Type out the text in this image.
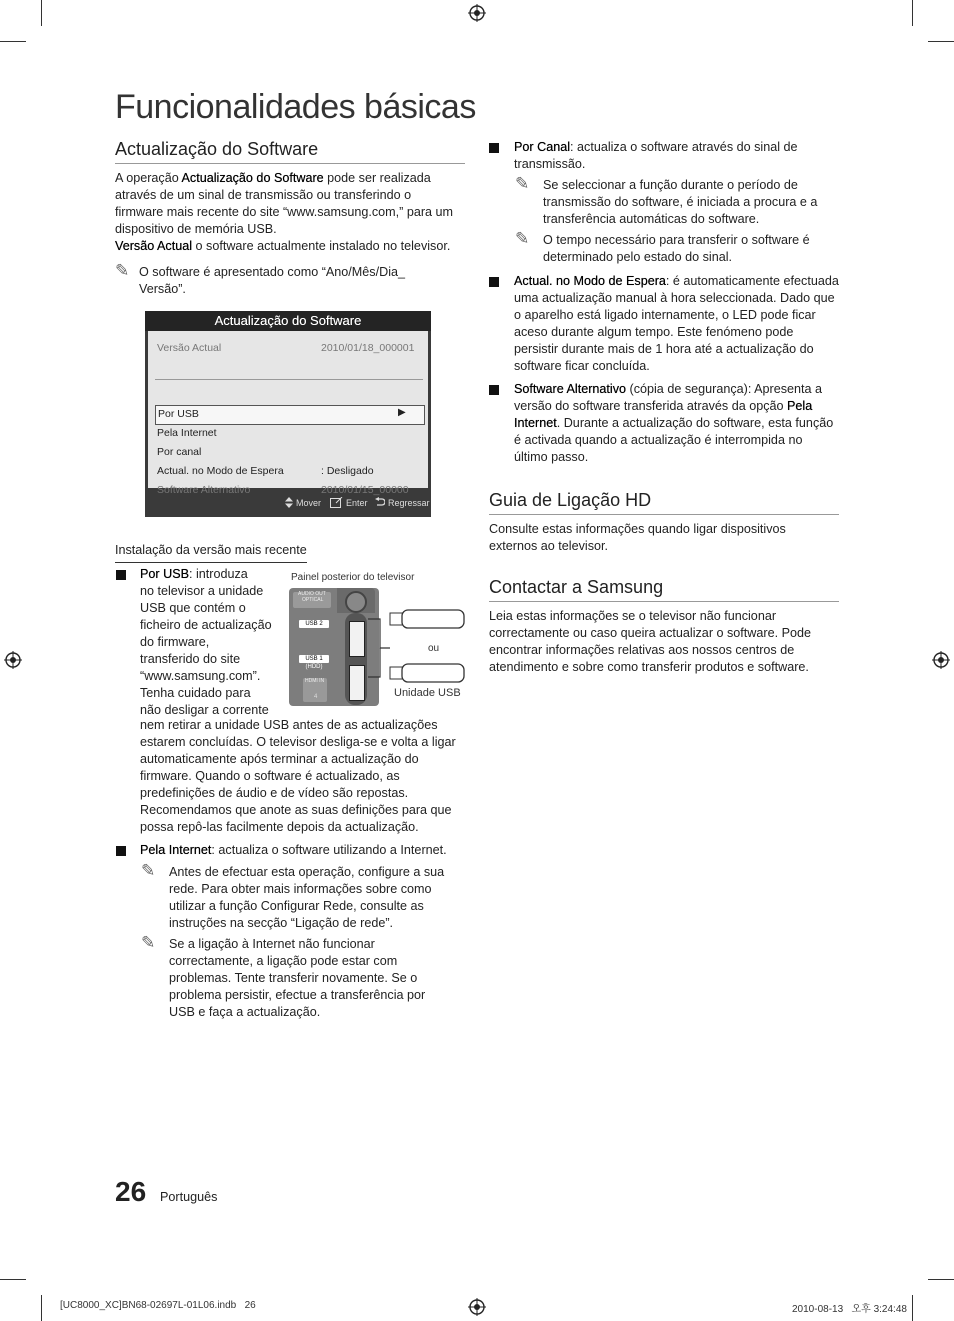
Funcionalidades básicas
Actualização do Software

A operação Actualização do Software pode ser realizada através de um sinal de transmissão ou transferindo o firmware mais recente do site “www.samsung.com,” para um dispositivo de memória USB.

Versão Actual o software actualmente instalado no televisor.

✎ O software é apresentado como “Ano/Mês/Dia_ Versão”.
Actualização do Software
Versão Actual	2010/01/18_000001
Por USB	▶
Pela Internet
Por canal
Actual. no Modo de Espera	: Desligado
Software Alternativo	2010/01/15_00000
Mover	Enter Regressar
Instalação da versão mais recente

Por USB: introduza

no televisor a unidade

USB que contém o

ficheiro de actualização

do firmware,

transferido do site

“www.samsung.com”.

Tenha cuidado para

não desligar a corrente

nem retirar a unidade USB antes de as actualizações estarem concluídas. O televisor desliga-se e volta a ligar automaticamente após terminar a actualização do firmware. Quando o software é actualizado, as predefinições de áudio e de vídeo são repostas. Recomendamos que anote as suas definições para que possa repô-las facilmente depois da actualização.
Painel posterior do televisor
AUDIO OUT
OPTICAL
USB 2
USB 1
(HDD)
HDMI IN
4
ou
Unidade USB
Pela Internet: actualiza o software utilizando a Internet.
✎ Antes de efectuar esta operação, configure a sua rede. Para obter mais informações sobre como utilizar a função Configurar Rede, consulte as instruções na secção “Ligação de rede”.
✎ Se a ligação à Internet não funcionar correctamente, a ligação pode estar com problemas. Tente transferir novamente. Se o problema persistir, efectue a transferência por USB e faça a actualização.
Por Canal: actualiza o software através do sinal de transmissão.
✎ Se seleccionar a função durante o período de transmissão do software, é iniciada a procura e a transferência automáticas do software.
✎ O tempo necessário para transferir o software é determinado pelo estado do sinal.
Actual. no Modo de Espera: é automaticamente efectuada uma actualização manual à hora seleccionada. Dado que o aparelho está ligado internamente, o LED pode ficar aceso durante algum tempo. Este fenómeno pode persistir durante mais de 1 hora até a actualização do software ficar concluída.
Software Alternativo (cópia de segurança): Apresenta a versão do software transferida através da opção Pela Internet. Durante a actualização do software, esta função é activada quando a actualização é interrompida no último passo.
Guia de Ligação HD
Consulte estas informações quando ligar dispositivos externos ao televisor.
Contactar a Samsung
Leia estas informações se o televisor não funcionar correctamente ou caso queira actualizar o software. Pode encontrar informações relativas aos nossos centros de atendimento e sobre como transferir produtos e software.
26 Português
[UC8000_XC]BN68-02697L-01L06.indb   26	2010-08-13   오후 3:24:48
